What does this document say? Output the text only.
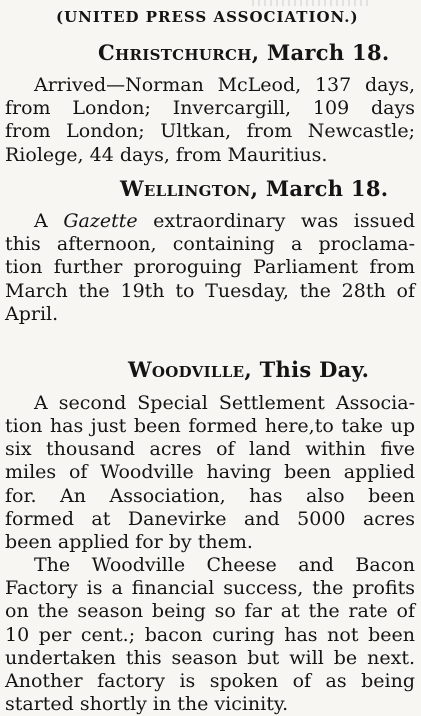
(UNITED PRESS ASSOCIATION.)
Christchurch, March 18.
Arrived—Norman McLeod, 137 days,
from London; Invercargill, 109 days
from London; Ultkan, from Newcastle;
Riolege, 44 days, from Mauritius.
Wellington, March 18.
A Gazette extraordinary was issued
this afternoon, containing a proclama-
tion further proroguing Parliament from
March the 19th to Tuesday, the 28th of
April.
Woodville, This Day.
A second Special Settlement Associa-
tion has just been formed here,to take up
six thousand acres of land within five
miles of Woodville having been applied
for. An Association, has also been
formed at Danevirke and 5000 acres
been applied for by them.
The Woodville Cheese and Bacon
Factory is a financial success, the profits
on the season being so far at the rate of
10 per cent.; bacon curing has not been
undertaken this season but will be next.
Another factory is spoken of as being
started shortly in the vicinity.
